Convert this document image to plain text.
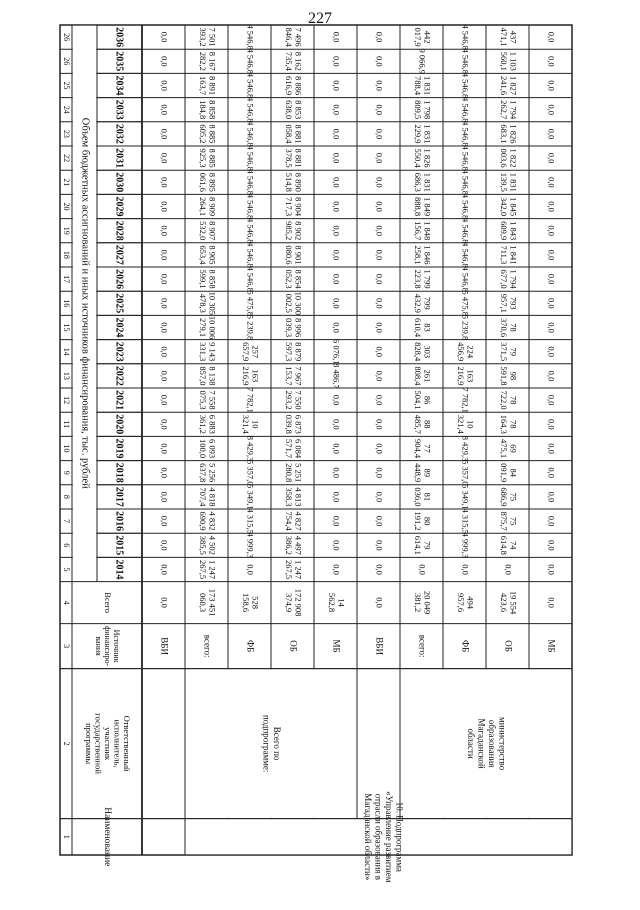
227
Объем бюджетных ассигнований и иных источников финансирования, тыс. рублей
2036
26
2035
26
2034
25
2033
24
2032
23
2031
22
2030
21
2029
20
2028
19
2027
18
2026
17
2025
16
2024
15
2023
14
2022
13
2021
12
2020
11
2019
10
2018
9
2017
8
2016
7
2015
6
2014
5
4
3
2
1
Всего
Источник
финансиро-
вания
Ответственный
исполнитель,
участник
государственной
программы
Наименование
ВБИ
0,0
0,0
0,0
0,0
0,0
0,0
0,0
0,0
0,0
0,0
0,0
0,0
0,0
0,0
0,0
0,0
0,0
0,0
0,0
0,0
0,0
0,0
0,0
0,0
всего:
173 451
060,3
1 247
267,5
4 502
385,5
4 832
690,9
4 818
707,4
5 256
637,8
6 093
100,0
6 883
361,2
7 558
075,3
8 138
857,0
9 143
331,3
10 006
279,1
10 305
478,3
8 858
599,1
8 905
653,4
8 907
532,0
8 909
264,1
8 895
061,6
8 885
925,3
8 885
605,2
8 858
184,8
8 891
163,7
8 167
282,2
7 501
393,2
ФБ
528
158,6
0,0
4 999,3
4 315,5
5 349,1
5 357,0
8 429,3
10
321,4
7 782,1
163
216,9
257
657,9
5 239,8
5 475,8
4 546,8
4 546,8
4 546,8
4 546,8
4 546,8
4 546,8
4 546,8
4 546,8
4 546,8
4 546,8
4 546,8
ОБ
172 908
374,9
1 247
267,5
4 497
386,2
4 827
754,4
4 813
358,3
5 251
280,8
6 084
571,7
6 873
039,8
7 550
293,2
7 967
153,7
8 879
597,3
8 996
039,3
10 300
002,5
8 854
052,3
8 901
080,6
8 902
985,2
8 904
717,3
8 890
514,8
8 881
378,5
8 881
058,4
8 853
638,0
8 886
616,9
8 162
735,4
7 496
846,4
МБ
14
562,8
0,0
0,0
0,0
0,0
0,0
0,0
0,0
0,0
8 486,7
6 076,1
0,0
0,0
0,0
0,0
0,0
0,0
0,0
0,0
0,0
0,0
0,0
0,0
0,0
ВБИ
0,0
0,0
0,0
0,0
0,0
0,0
0,0
0,0
0,0
0,0
0,0
0,0
0,0
0,0
0,0
0,0
0,0
0,0
0,0
0,0
0,0
0,0
0,0
0,0
всего:
20 049
381,2
0,0
79
614,1
80
191,2
81
036,0
89
448,9
77
904,4
88
485,7
86
504,1
261
808,4
303
828,4
83
610,4
799
432,9
1 799
223,8
1 846
258,1
1 848
156,7
1 849
888,8
1 831
686,3
1 826
550,4
1 831
229,9
1 798
809,5
1 831
788,4
9 066,9
442
017,9
ФБ
494
957,6
0,0
4 999,3
4 315,5
5 349,1
5 357,0
8 429,3
10
321,4
7 782,1
163
216,9
224
456,9
5 239,8
5 475,8
4 546,8
4 546,8
4 546,8
4 546,8
4 546,8
4 546,8
4 546,8
4 546,8
4 546,8
4 546,8
4 546,8
ОБ
19 554
423,6
0,0
74
614,8
75
875,7
75
686,9
84
091,9
69
475,1
78
164,3
78
722,0
98
591,8
79
371,5
78
370,6
793
957,1
1 794
677,0
1 841
711,3
1 843
609,9
1 845
342,0
1 831
139,5
1 822
003,6
1 826
683,1
1 794
262,7
1 827
241,6
1 103
560,1
437
471,1
МБ
0,0
0,0
0,0
0,0
0,0
0,0
0,0
0,0
0,0
0,0
0,0
0,0
0,0
0,0
0,0
0,0
0,0
0,0
0,0
0,0
0,0
0,0
0,0
0,0
Всего по
подпрограмме:	министерство
образования
Магаданской
области
10. Подпрограмма
«Управление развитием
отрасли образования в
Магаданской области»
